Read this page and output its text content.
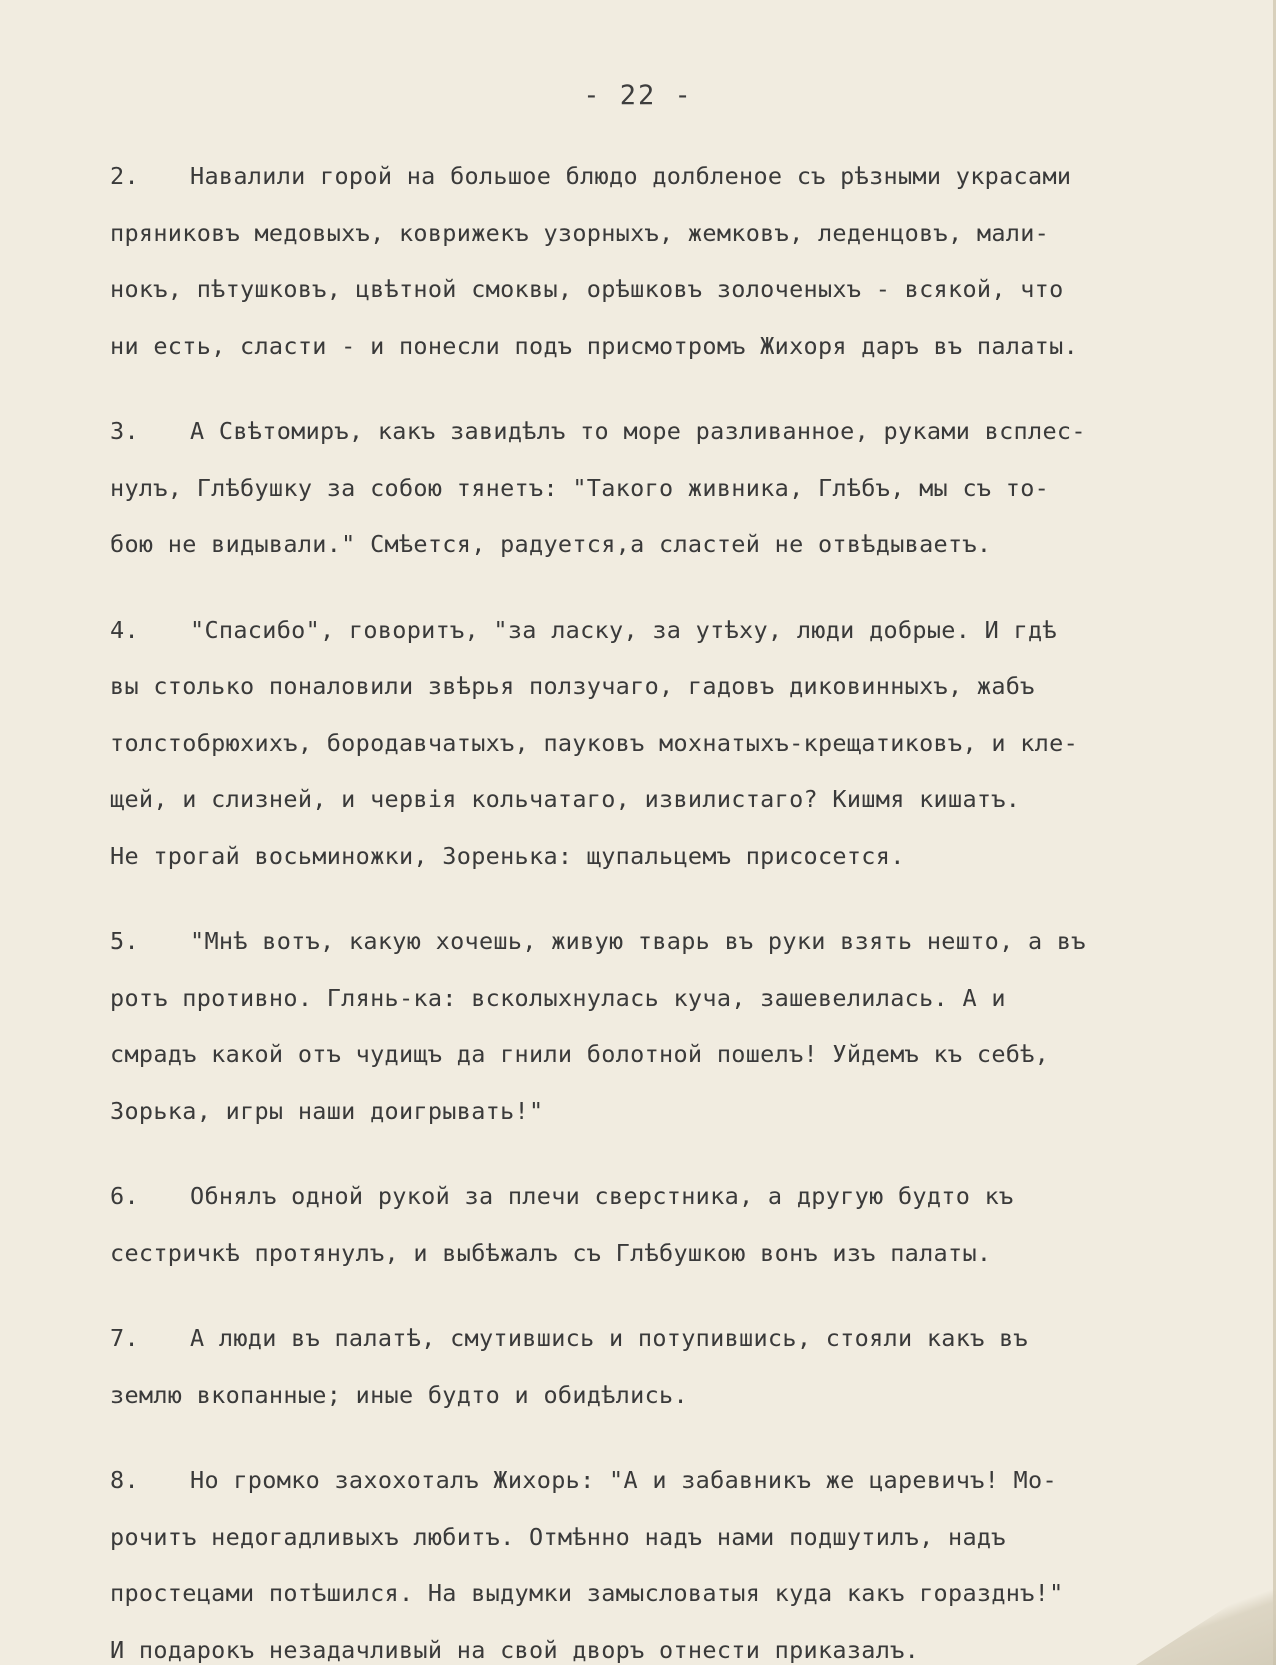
- 22 -
2. Навалили горой на большое блюдо долбленое съ рѣзными украсами
пряниковъ медовыхъ, коврижекъ узорныхъ, жемковъ, леденцовъ, мали-
нокъ, пѣтушковъ, цвѣтной смоквы, орѣшковъ золоченыхъ - всякой, что
ни есть, сласти - и понесли подъ присмотромъ Жихоря даръ въ палаты.
3. А Свѣтомиръ, какъ завидѣлъ то море разливанное, руками всплес-
нулъ, Глѣбушку за собою тянетъ: "Такого живника, Глѣбъ, мы съ то-
бою не видывали." Смѣется, радуется,а сластей не отвѣдываетъ.
4. "Спасибо", говоритъ, "за ласку, за утѣху, люди добрые. И гдѣ
вы столько поналовили звѣрья ползучаго, гадовъ диковинныхъ, жабъ
толстобрюхихъ, бородавчатыхъ, пауковъ мохнатыхъ-крещатиковъ, и клe-
щей, и слизней, и червія кольчатаго, извилистаго? Кишмя кишатъ.
Не трогай восьминожки, Зоренька: щупальцемъ присосется.
5. "Мнѣ вотъ, какую хочешь, живую тварь въ руки взять нешто, а въ
ротъ противно. Глянь-ка: всколыхнулась куча, зашевелилась. А и
смрадъ какой отъ чудищъ да гнили болотной пошелъ! Уйдемъ къ себѣ,
Зорька, игры наши доигрывать!"
6. Обнялъ одной рукой за плечи сверстника, а другую будто къ
сестричкѣ протянулъ, и выбѣжалъ съ Глѣбушкою вонъ изъ палаты.
7. А люди въ палатѣ, смутившись и потупившись, стояли какъ въ
землю вкопанные; иные будто и обидѣлись.
8. Но громко захохоталъ Жихорь: "А и забавникъ же царевичъ! Мо-
рочитъ недогадливыхъ любитъ. Отмѣнно надъ нами подшутилъ, надъ
простецами потѣшился. На выдумки замысловатыя куда какъ горазднъ!"
И подарокъ незадачливый на свой дворъ отнести приказалъ.
